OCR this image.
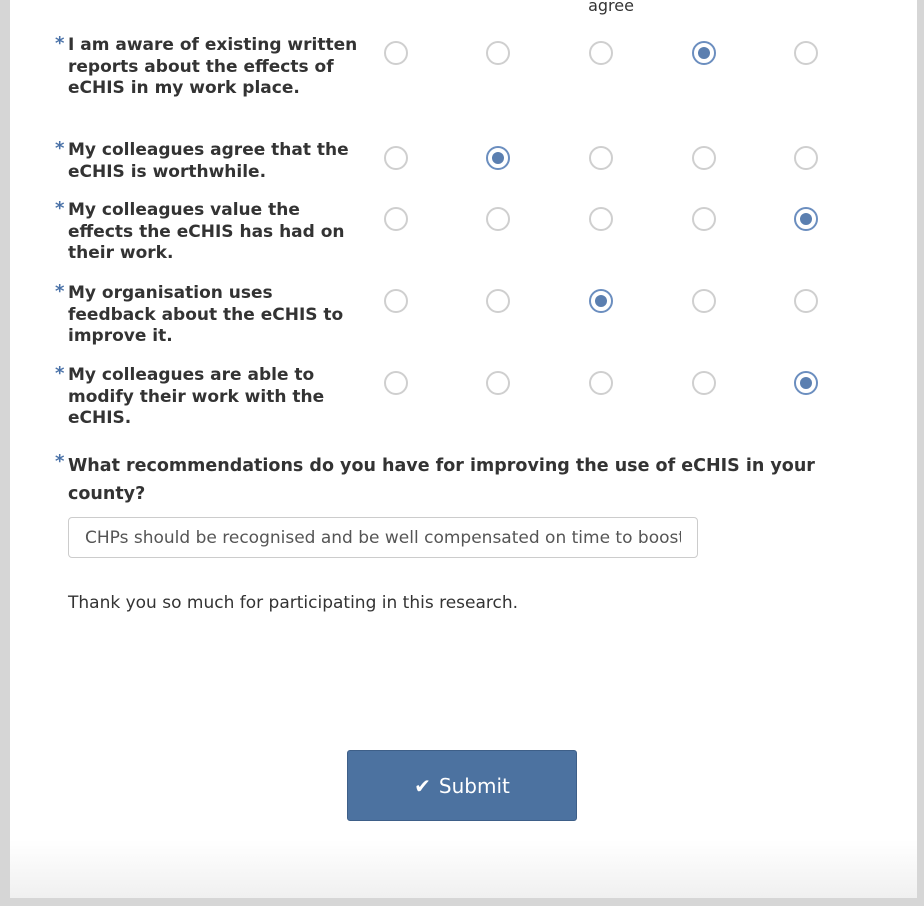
agree
* I am aware of existing written reports about the effects of eCHIS in my work place.
* My colleagues agree that the eCHIS is worthwhile.
* My colleagues value the effects the eCHIS has had on their work.
* My organisation uses feedback about the eCHIS to improve it.
* My colleagues are able to modify their work with the eCHIS.
* What recommendations do you have for improving the use of eCHIS in your county?
CHPs should be recognised and be well compensated on time to boost
Thank you so much for participating in this research.
✔ Submit
